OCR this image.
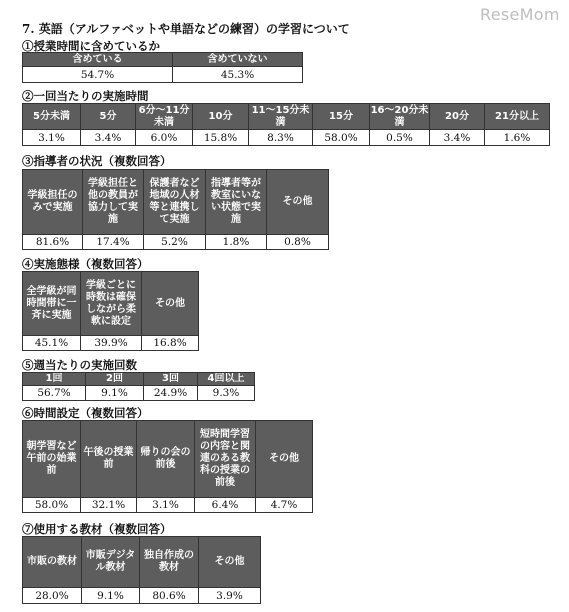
ReseMom
7. 英語（アルファベットや単語などの練習）の学習について
①授業時間に含めているか
含めている	含めていない
54.7%	45.3%
②一回当たりの実施時間
5分未満	5分	6分～11分未満	10分	11～15分未満	15分	16～20分未満	20分	21分以上
3.1%	3.4%	6.0%	15.8%	8.3%	58.0%	0.5%	3.4%	1.6%
③指導者の状況（複数回答）
学級担任のみで実施	学級担任と他の教員が協力して実施	保護者など地域の人材等と連携して実施	指導者等が教室にいない状態で実施	その他

81.6%	17.4%	5.2%	1.8%	0.8%
④実施態様（複数回答）
全学級が同時間帯に一斉に実施	学級ごとに時数は確保しながら柔軟に設定	その他

45.1%	39.9%	16.8%
⑤週当たりの実施回数
1回	2回	3回	4回以上
56.7%	9.1%	24.9%	9.3%
⑥時間設定（複数回答）
朝学習など午前の始業前	午後の授業前	帰りの会の前後	短時間学習の内容と関連のある教科の授業の前後	その他

58.0%	32.1%	3.1%	6.4%	4.7%
⑦使用する教材（複数回答）
市販の教材	市販デジタル教材	独自作成の教材	その他

28.0%	9.1%	80.6%	3.9%
